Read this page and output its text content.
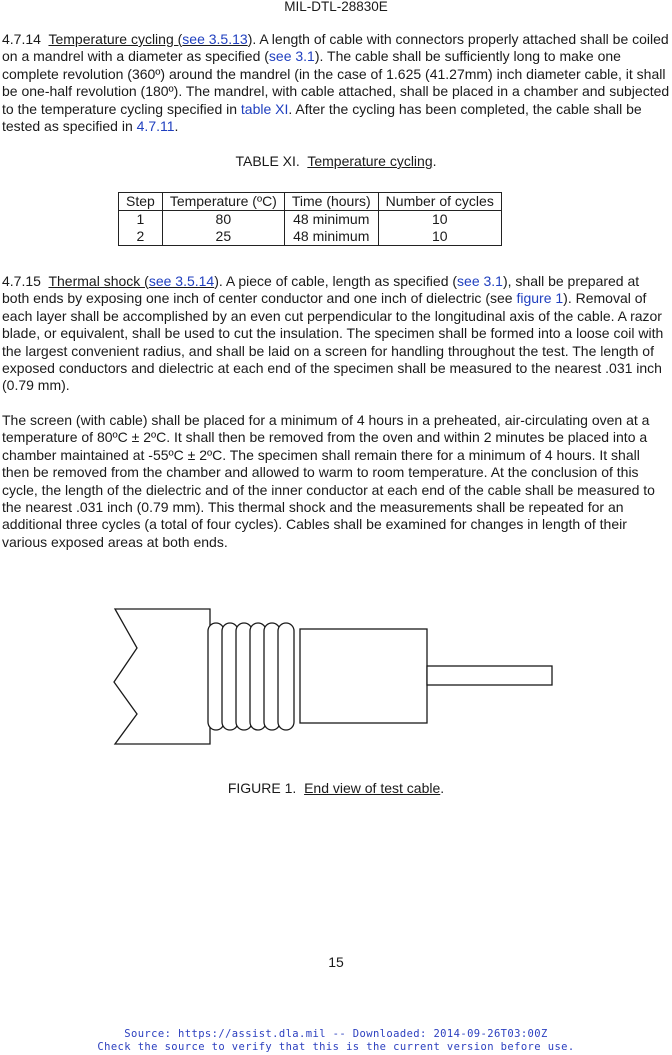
MIL-DTL-28830E

4.7.14 Temperature cycling (see 3.5.13). A length of cable with connectors properly attached shall be coiled on a mandrel with a diameter as specified (see 3.1). The cable shall be sufficiently long to make one complete revolution (360º) around the mandrel (in the case of 1.625 (41.27mm) inch diameter cable, it shall be one-half revolution (180º). The mandrel, with cable attached, shall be placed in a chamber and subjected to the temperature cycling specified in table XI. After the cycling has been completed, the cable shall be tested as specified in 4.7.11.

TABLE XI. Temperature cycling.
Step	Temperature (ºC)	Time (hours)	Number of cycles
1	80	48 minimum	10
2	25	48 minimum	10

4.7.15 Thermal shock (see 3.5.14). A piece of cable, length as specified (see 3.1), shall be prepared at both ends by exposing one inch of center conductor and one inch of dielectric (see figure 1). Removal of each layer shall be accomplished by an even cut perpendicular to the longitudinal axis of the cable. A razor blade, or equivalent, shall be used to cut the insulation. The specimen shall be formed into a loose coil with the largest convenient radius, and shall be laid on a screen for handling throughout the test. The length of exposed conductors and dielectric at each end of the specimen shall be measured to the nearest .031 inch (0.79 mm).

The screen (with cable) shall be placed for a minimum of 4 hours in a preheated, air-circulating oven at a temperature of 80ºC ± 2ºC. It shall then be removed from the oven and within 2 minutes be placed into a chamber maintained at -55ºC ± 2ºC. The specimen shall remain there for a minimum of 4 hours. It shall then be removed from the chamber and allowed to warm to room temperature. At the conclusion of this cycle, the length of the dielectric and of the inner conductor at each end of the cable shall be measured to the nearest .031 inch (0.79 mm). This thermal shock and the measurements shall be repeated for an additional three cycles (a total of four cycles). Cables shall be examined for changes in length of their various exposed areas at both ends.

FIGURE 1. End view of test cable.
15
Source: https://assist.dla.mil -- Downloaded: 2014-09-26T03:00Z
Check the source to verify that this is the current version before use.
